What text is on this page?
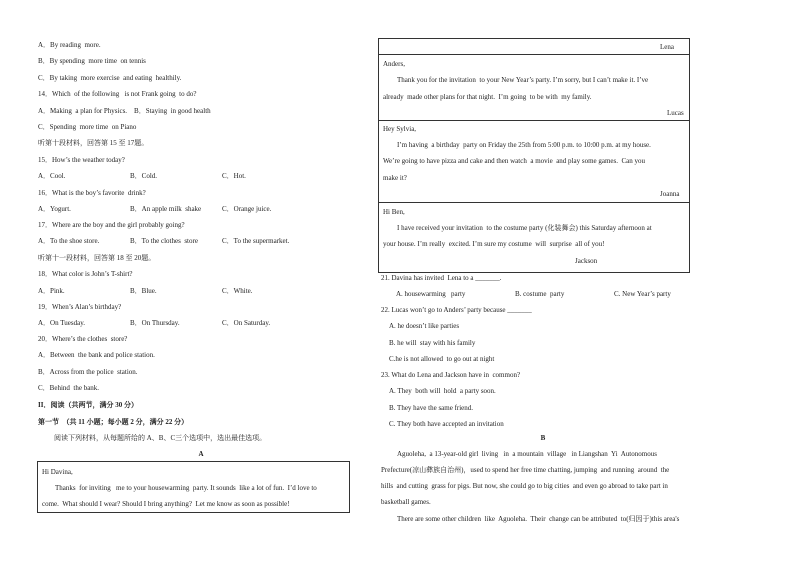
A．By reading  more.
B．By spending  more time  on tennis
C．By taking  more exercise  and eating  healthily.
14．Which  of the following   is not Frank going  to do?
A．Making  a plan for Physics.    B．Staying  in good health
C．Spending  more time  on Piano
听第十段材料，回答第 15 至 17题。
15．How’s the weather today?
A．Cool.	B．Cold.	C．Hot.
16．What is the boy’s favorite  drink?
A．Yogurt.	B．An apple milk  shake	C．Orange juice.
17．Where are the boy and the girl probably going?
A．To the shoe store.	B．To the clothes  store	C．To the supermarket.
听第十一段材料，回答第 18 至 20题。
18．What color is John’s T-shirt?
A．Pink.	B．Blue.	C．White.
19．When’s Alan’s birthday?
A．On Tuesday.	B．On Thursday.	C．On Saturday.
20．Where’s the clothes  store?
A．Between  the bank and police station.
B．Across from the police  station.
C．Behind  the bank.
II．阅读（共两节，满分 30 分）
第一节  （共 11 小题；每小题 2 分，满分 22 分）
阅读下列材料，从每题所给的 A、B、C三个选项中，选出最佳选项。
A
Hi Davina,
Thanks  for inviting   me to your housewarming  party. It sounds  like a lot of fun.  I’d love to
come.  What should I wear? Should I bring anything?  Let me know as soon as possible!
Lena
Anders,
Thank you for the invitation  to your New Year’s party. I’m sorry, but I can’t make it. I’ve
already  made other plans for that night.  I’m going  to be with  my family.
Lucas
Hey Sylvia,
I’m having  a birthday  party on Friday the 25th from 5:00 p.m. to 10:00 p.m. at my house.
We’re going to have pizza and cake and then watch  a movie  and play some games.  Can you
make it?
Joanna
Hi Ben,
I have received your invitation  to the costume party (化装舞会) this Saturday afternoon at
your house. I’m really  excited. I’m sure my costume  will  surprise  all of you!
Jackson
21. Davina has invited  Lena to a _______.
A. housewarming   party	B. costume  party	C. New Year’s party
22. Lucas won’t go to Anders’ party because _______
A. he doesn’t like parties
B. he will  stay with his family
C.he is not allowed  to go out at night
23. What do Lena and Jackson have in  common?
A. They  both will  hold  a party soon.
B. They have the same friend.
C. They both have accepted an invitation
B
Aguoleha,  a 13-year-old girl  living   in  a mountain  village   in Liangshan  Yi  Autonomous
Prefecture(凉山彝族自治州)，used to spend her free time chatting, jumping  and running  around  the
hills  and cutting  grass for pigs. But now, she could go to big cities  and even go abroad to take part in
basketball games.
There are some other children  like  Aguoleha.  Their  change can be attributed  to(归因于)this area's
